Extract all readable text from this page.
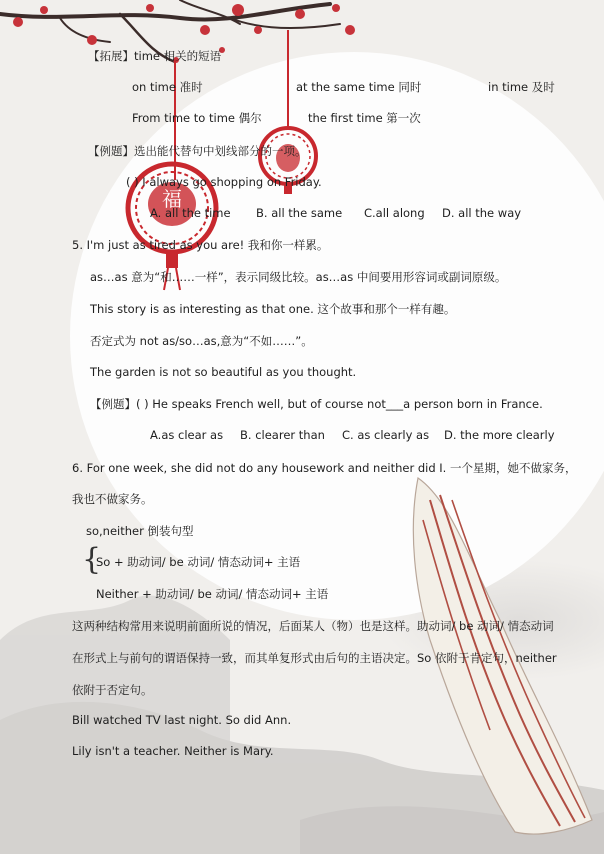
福
【拓展】time 相关的短语
on time 准时	at the same time 同时	in time 及时
From time to time 偶尔	the first time 第一次
【例题】选出能代替句中划线部分的一项。
( ) I always go shopping on Friday.
A. all the time B. all the same C.all along D. all the way
5. I'm just as tired as you are! 我和你一样累。
as…as 意为“和……一样”，表示同级比较。as…as 中间要用形容词或副词原级。
This story is as interesting as that one. 这个故事和那个一样有趣。
否定式为 not as/so…as,意为“不如……”。
The garden is not so beautiful as you thought.
【例题】( ) He speaks French well, but of course not___a person born in France.
A.as clear as B. clearer than C. as clearly as D. the more clearly
6. For one week, she did not do any housework and neither did I. 一个星期，她不做家务，
我也不做家务。
so,neither 倒装句型
{
So + 助动词/ be 动词/ 情态动词+ 主语
Neither + 助动词/ be 动词/ 情态动词+ 主语
这两种结构常用来说明前面所说的情况，后面某人（物）也是这样。助动词/ be 动词/ 情态动词
在形式上与前句的谓语保持一致，而其单复形式由后句的主语决定。So 依附于肯定句，neither
依附于否定句。
Bill watched TV last night. So did Ann.
Lily isn't a teacher. Neither is Mary.
